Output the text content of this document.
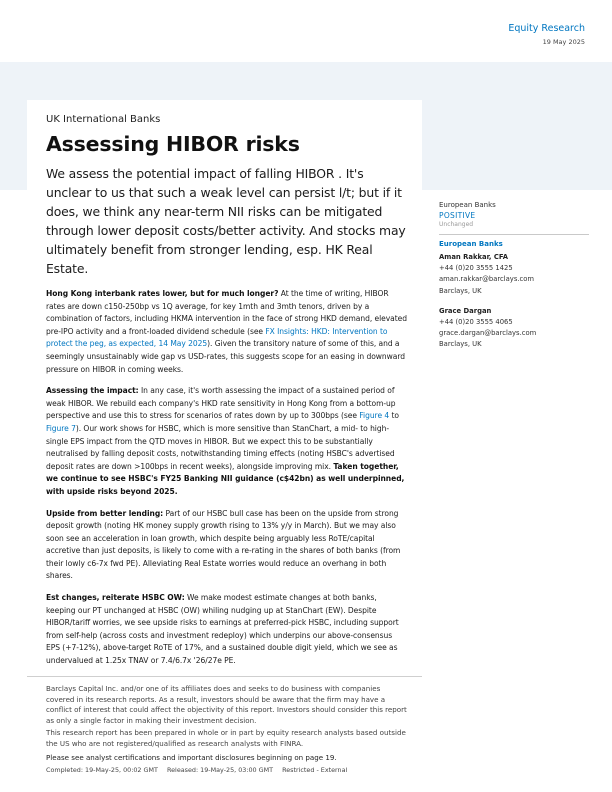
Equity Research
19 May 2025
UK International Banks
Assessing HIBOR risks
We assess the potential impact of falling HIBOR . It's unclear to us that such a weak level can persist l/t; but if it does, we think any near-term NII risks can be mitigated through lower deposit costs/better activity. And stocks may ultimately benefit from stronger lending, esp. HK Real Estate.

Hong Kong interbank rates lower, but for much longer? At the time of writing, HIBOR rates are down c150-250bp vs 1Q average, for key 1mth and 3mth tenors, driven by a combination of factors, including HKMA intervention in the face of strong HKD demand, elevated pre-IPO activity and a front-loaded dividend schedule (see FX Insights: HKD: Intervention to protect the peg, as expected, 14 May 2025). Given the transitory nature of some of this, and a seemingly unsustainably wide gap vs USD-rates, this suggests scope for an easing in downward pressure on HIBOR in coming weeks.

Assessing the impact: In any case, it's worth assessing the impact of a sustained period of weak HIBOR. We rebuild each company's HKD rate sensitivity in Hong Kong from a bottom-up perspective and use this to stress for scenarios of rates down by up to 300bps (see Figure 4 to Figure 7). Our work shows for HSBC, which is more sensitive than StanChart, a mid- to high-single EPS impact from the QTD moves in HIBOR. But we expect this to be substantially neutralised by falling deposit costs, notwithstanding timing effects (noting HSBC's advertised deposit rates are down >100bps in recent weeks), alongside improving mix. Taken together, we continue to see HSBC's FY25 Banking NII guidance (c$42bn) as well underpinned, with upside risks beyond 2025.

Upside from better lending: Part of our HSBC bull case has been on the upside from strong deposit growth (noting HK money supply growth rising to 13% y/y in March). But we may also soon see an acceleration in loan growth, which despite being arguably less RoTE/capital accretive than just deposits, is likely to come with a re-rating in the shares of both banks (from their lowly c6-7x fwd PE). Alleviating Real Estate worries would reduce an overhang in both shares.

Est changes, reiterate HSBC OW: We make modest estimate changes at both banks, keeping our PT unchanged at HSBC (OW) whiling nudging up at StanChart (EW). Despite HIBOR/tariff worries, we see upside risks to earnings at preferred-pick HSBC, including support from self-help (across costs and investment redeploy) which underpins our above-consensus EPS (+7-12%), above-target RoTE of 17%, and a sustained double digit yield, which we see as undervalued at 1.25x TNAV or 7.4/6.7x '26/27e PE.

European Banks
POSITIVE
Unchanged
European Banks
Aman Rakkar, CFA
+44 (0)20 3555 1425
aman.rakkar@barclays.com
Barclays, UK
Grace Dargan
+44 (0)20 3555 4065
grace.dargan@barclays.com
Barclays, UK

Barclays Capital Inc. and/or one of its affiliates does and seeks to do business with companies covered in its research reports. As a result, investors should be aware that the firm may have a conflict of interest that could affect the objectivity of this report. Investors should consider this report as only a single factor in making their investment decision.

This research report has been prepared in whole or in part by equity research analysts based outside the US who are not registered/qualified as research analysts with FINRA.

Please see analyst certifications and important disclosures beginning on page 19.

Completed: 19-May-25, 00:02 GMT Released: 19-May-25, 03:00 GMT Restricted - External
